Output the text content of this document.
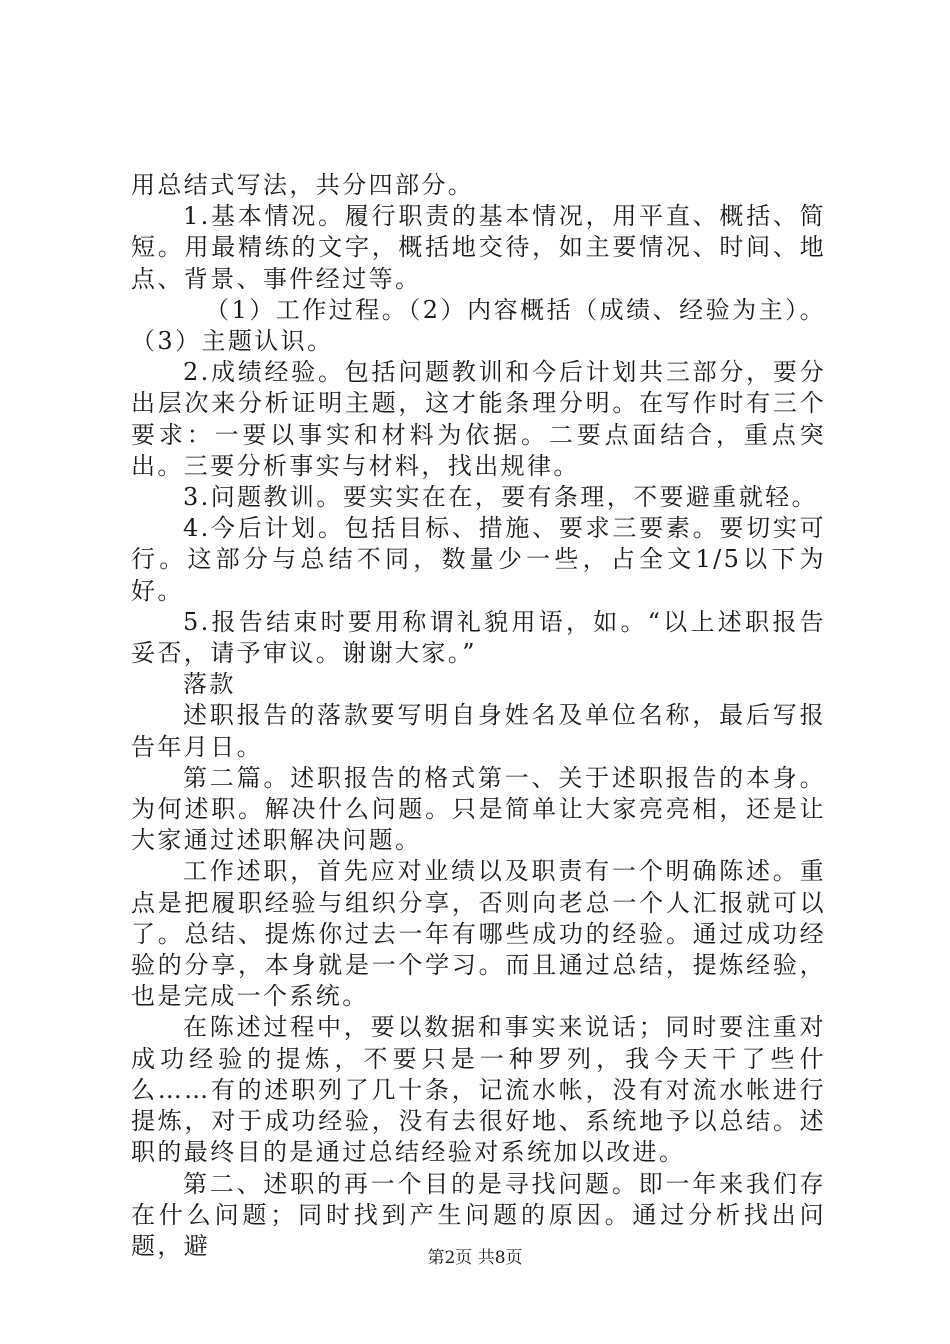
用总结式写法，共分四部分。

1.基本情况。履行职责的基本情况，用平直、概括、简短。用最精练的文字，概括地交待，如主要情况、时间、地点、背景、事件经过等。

（1）工作过程。（2）内容概括（成绩、经验为主）。（3）主题认识。

2.成绩经验。包括问题教训和今后计划共三部分，要分出层次来分析证明主题，这才能条理分明。在写作时有三个要求：一要以事实和材料为依据。二要点面结合，重点突出。三要分析事实与材料，找出规律。

3.问题教训。要实实在在，要有条理，不要避重就轻。

4.今后计划。包括目标、措施、要求三要素。要切实可行。这部分与总结不同，数量少一些，占全文1/5以下为好。

5.报告结束时要用称谓礼貌用语，如。“以上述职报告妥否，请予审议。谢谢大家。”

落款

述职报告的落款要写明自身姓名及单位名称，最后写报告年月日。

第二篇。述职报告的格式第一、关于述职报告的本身。为何述职。解决什么问题。只是简单让大家亮亮相，还是让大家通过述职解决问题。

工作述职，首先应对业绩以及职责有一个明确陈述。重点是把履职经验与组织分享，否则向老总一个人汇报就可以了。总结、提炼你过去一年有哪些成功的经验。通过成功经验的分享，本身就是一个学习。而且通过总结，提炼经验，也是完成一个系统。

在陈述过程中，要以数据和事实来说话；同时要注重对成功经验的提炼，不要只是一种罗列，我今天干了些什么……有的述职列了几十条，记流水帐，没有对流水帐进行提炼，对于成功经验，没有去很好地、系统地予以总结。述职的最终目的是通过总结经验对系统加以改进。

第二、述职的再一个目的是寻找问题。即一年来我们存在什么问题；同时找到产生问题的原因。通过分析找出问题，避	第2页 共8页
